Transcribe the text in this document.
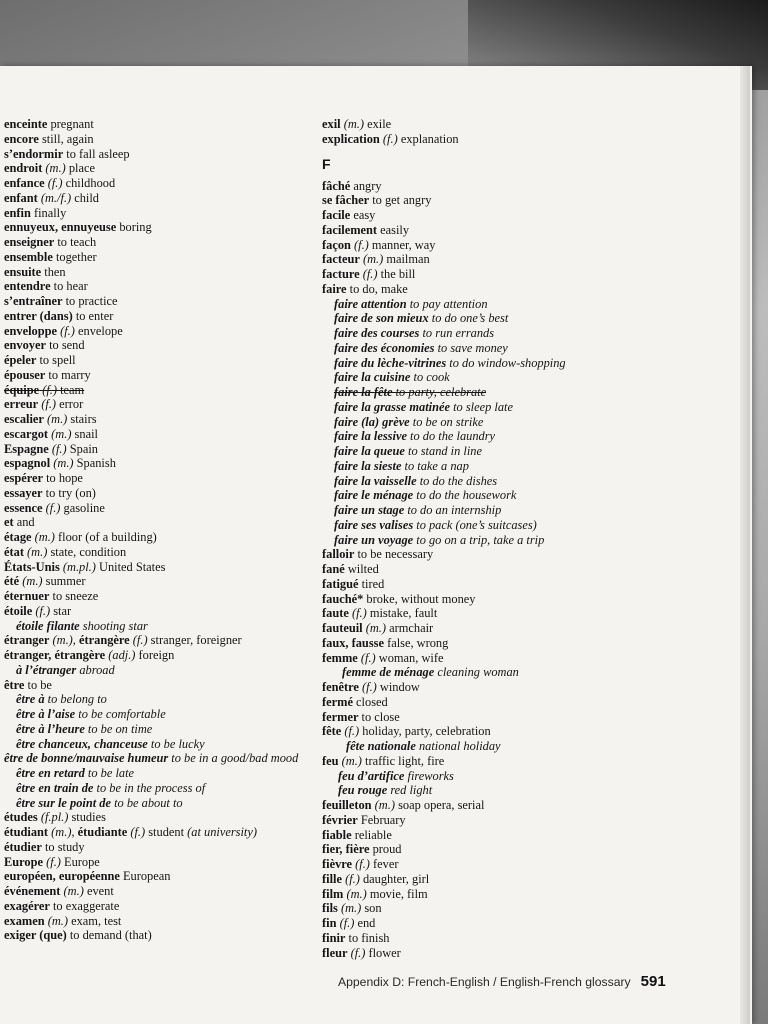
enceinte pregnant
encore still, again
s’endormir to fall asleep
endroit (m.) place
enfance (f.) childhood
enfant (m./f.) child
enfin finally
ennuyeux, ennuyeuse boring
enseigner to teach
ensemble together
ensuite then
entendre to hear
s’entraîner to practice
entrer (dans) to enter
enveloppe (f.) envelope
envoyer to send
épeler to spell
épouser to marry
équipe (f.) team
erreur (f.) error
escalier (m.) stairs
escargot (m.) snail
Espagne (f.) Spain
espagnol (m.) Spanish
espérer to hope
essayer to try (on)
essence (f.) gasoline
et and
étage (m.) floor (of a building)
état (m.) state, condition
États-Unis (m.pl.) United States
été (m.) summer
éternuer to sneeze
étoile (f.) star
étoile filante shooting star
étranger (m.), étrangère (f.) stranger, foreigner
étranger, étrangère (adj.) foreign
à l’étranger abroad
être to be
être à to belong to
être à l’aise to be comfortable
être à l’heure to be on time
être chanceux, chanceuse to be lucky
être de bonne/mauvaise humeur to be in a good/bad mood
être en retard to be late
être en train de to be in the process of
être sur le point de to be about to
études (f.pl.) studies
étudiant (m.), étudiante (f.) student (at university)
étudier to study
Europe (f.) Europe
européen, européenne European
événement (m.) event
exagérer to exaggerate
examen (m.) exam, test
exiger (que) to demand (that)
exil (m.) exile
explication (f.) explanation
F
fâché angry
se fâcher to get angry
facile easy
facilement easily
façon (f.) manner, way
facteur (m.) mailman
facture (f.) the bill
faire to do, make
faire attention to pay attention
faire de son mieux to do one’s best
faire des courses to run errands
faire des économies to save money
faire du lèche-vitrines to do window-shopping
faire la cuisine to cook
faire la fête to party, celebrate
faire la grasse matinée to sleep late
faire (la) grève to be on strike
faire la lessive to do the laundry
faire la queue to stand in line
faire la sieste to take a nap
faire la vaisselle to do the dishes
faire le ménage to do the housework
faire un stage to do an internship
faire ses valises to pack (one’s suitcases)
faire un voyage to go on a trip, take a trip
falloir to be necessary
fané wilted
fatigué tired
fauché* broke, without money
faute (f.) mistake, fault
fauteuil (m.) armchair
faux, fausse false, wrong
femme (f.) woman, wife
femme de ménage cleaning woman
fenêtre (f.) window
fermé closed
fermer to close
fête (f.) holiday, party, celebration
fête nationale national holiday
feu (m.) traffic light, fire
feu d’artifice fireworks
feu rouge red light
feuilleton (m.) soap opera, serial
février February
fiable reliable
fier, fière proud
fièvre (f.) fever
fille (f.) daughter, girl
film (m.) movie, film
fils (m.) son
fin (f.) end
finir to finish
fleur (f.) flower
Appendix D: French-English / English-French glossary 591
